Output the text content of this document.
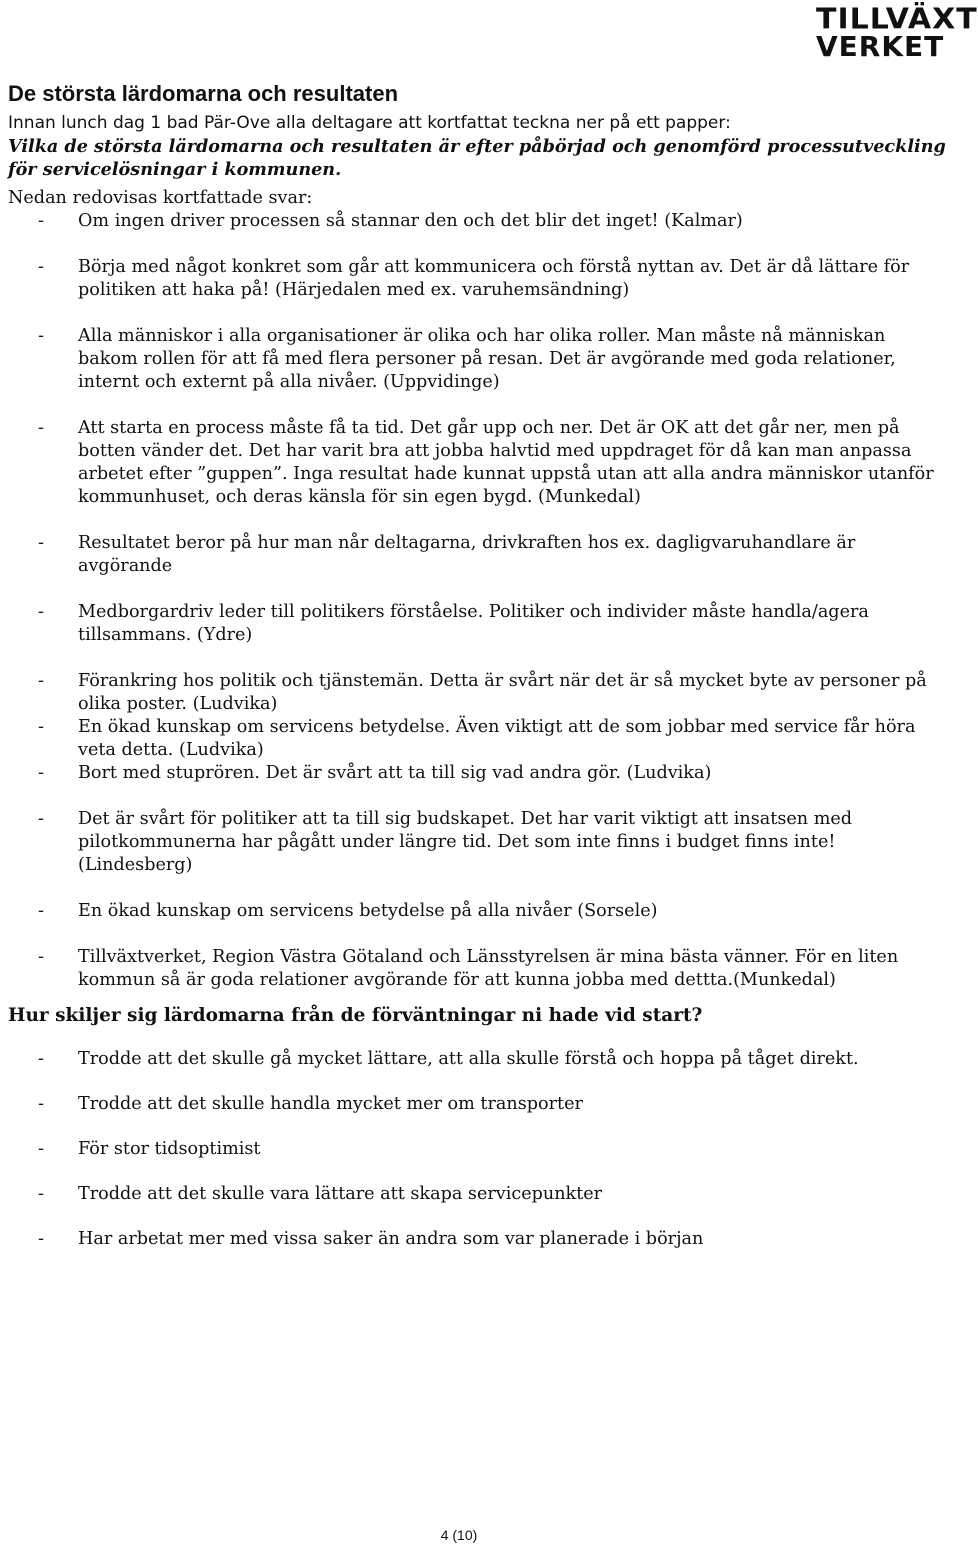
TILLVÄXT
VERKET
De största lärdomarna och resultaten

Innan lunch dag 1 bad Pär-Ove alla deltagare att kortfattat teckna ner på ett papper:

Vilka de största lärdomarna och resultaten är efter påbörjad och genomförd processutveckling för servicelösningar i kommunen.

Nedan redovisas kortfattade svar:

- Om ingen driver processen så stannar den och det blir det inget! (Kalmar)
- Börja med något konkret som går att kommunicera och förstå nyttan av. Det är då lättare för politiken att haka på! (Härjedalen med ex. varuhemsändning)
- Alla människor i alla organisationer är olika och har olika roller. Man måste nå människan bakom rollen för att få med flera personer på resan. Det är avgörande med goda relationer, internt och externt på alla nivåer. (Uppvidinge)
- Att starta en process måste få ta tid. Det går upp och ner. Det är OK att det går ner, men på botten vänder det. Det har varit bra att jobba halvtid med uppdraget för då kan man anpassa arbetet efter ”guppen”. Inga resultat hade kunnat uppstå utan att alla andra människor utanför kommunhuset, och deras känsla för sin egen bygd. (Munkedal)
- Resultatet beror på hur man når deltagarna, drivkraften hos ex. dagligvaruhandlare är avgörande
- Medborgardriv leder till politikers förståelse. Politiker och individer måste handla/agera tillsammans. (Ydre)
- Förankring hos politik och tjänstemän. Detta är svårt när det är så mycket byte av personer på olika poster. (Ludvika)
- En ökad kunskap om servicens betydelse. Även viktigt att de som jobbar med service får höra veta detta. (Ludvika)
- Bort med stuprören. Det är svårt att ta till sig vad andra gör. (Ludvika)
- Det är svårt för politiker att ta till sig budskapet. Det har varit viktigt att insatsen med pilotkommunerna har pågått under längre tid. Det som inte finns i budget finns inte! (Lindesberg)
- En ökad kunskap om servicens betydelse på alla nivåer (Sorsele)
- Tillväxtverket, Region Västra Götaland och Länsstyrelsen är mina bästa vänner. För en liten kommun så är goda relationer avgörande för att kunna jobba med dettta.(Munkedal)
Hur skiljer sig lärdomarna från de förväntningar ni hade vid start?
- Trodde att det skulle gå mycket lättare, att alla skulle förstå och hoppa på tåget direkt.
- Trodde att det skulle handla mycket mer om transporter
- För stor tidsoptimist
- Trodde att det skulle vara lättare att skapa servicepunkter
- Har arbetat mer med vissa saker än andra som var planerade i början
4 (10)
